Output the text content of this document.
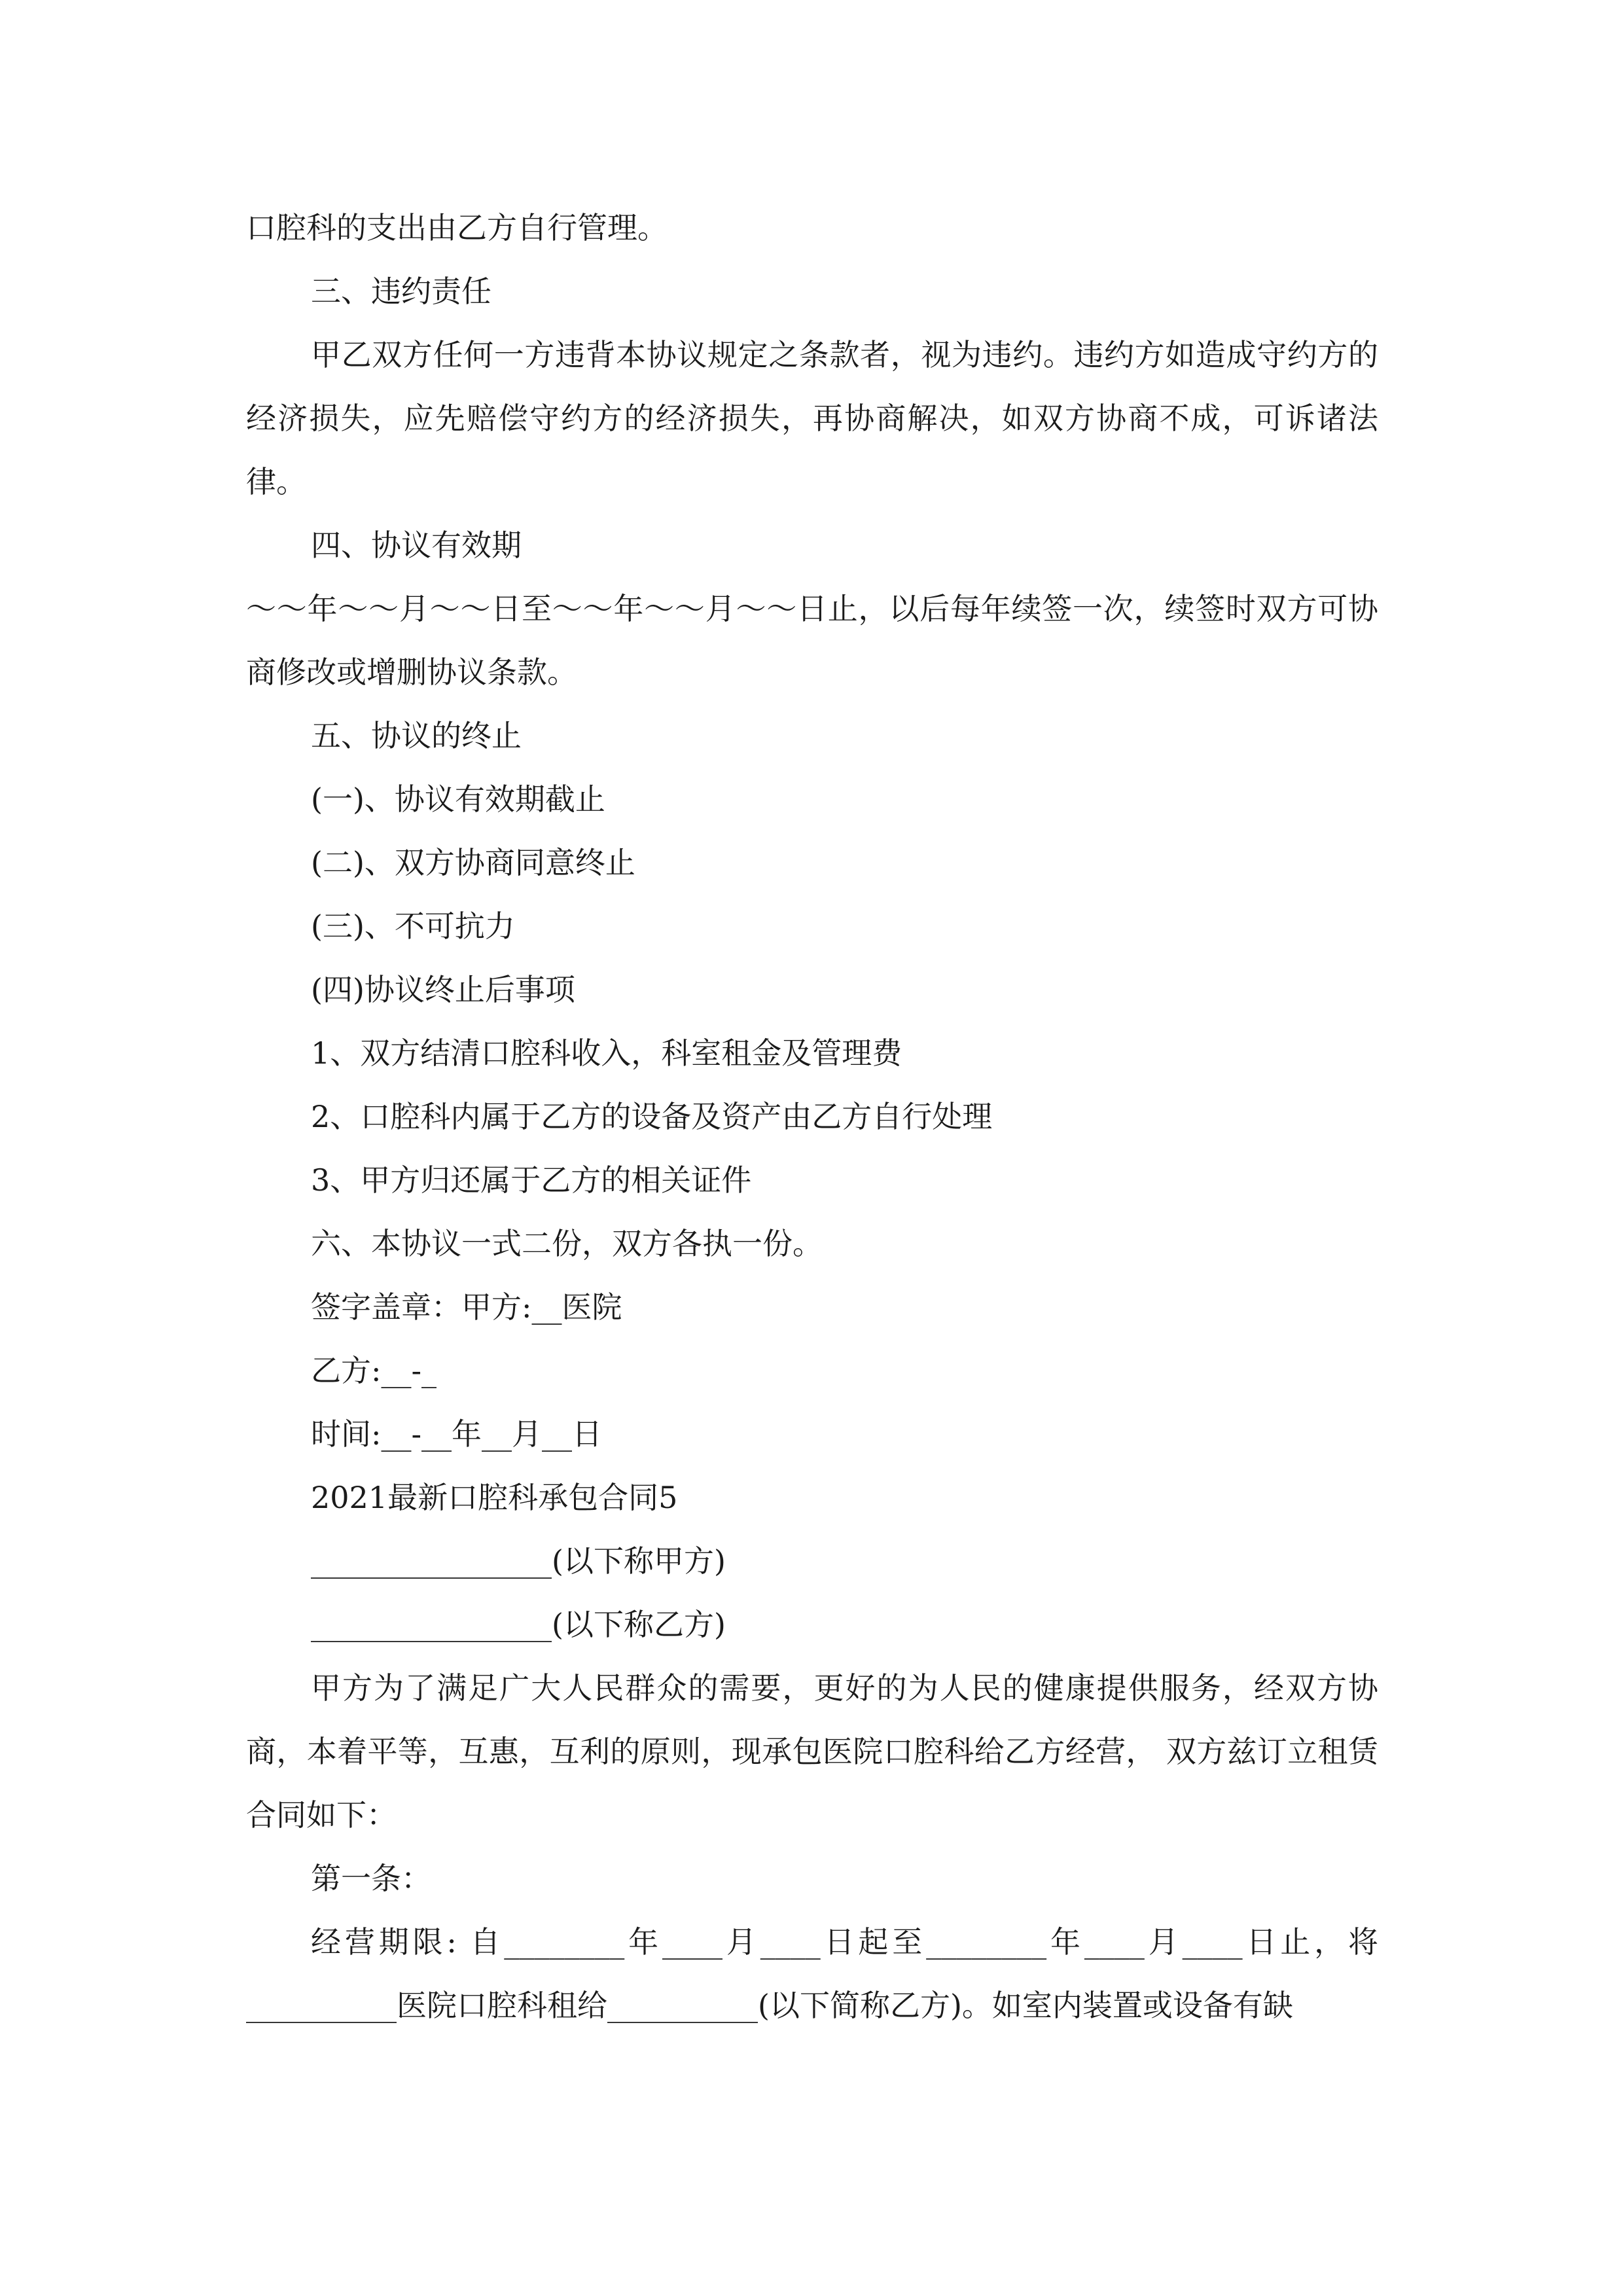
口腔科的支出由乙方自行管理。

三、违约责任

甲乙双方任何一方违背本协议规定之条款者，视为违约。违约方如造成守约方的经济损失，应先赔偿守约方的经济损失，再协商解决，如双方协商不成，可诉诸法律。

四、协议有效期

～～年～～月～～日至～～年～～月～～日止，以后每年续签一次，续签时双方可协商修改或增删协议条款。

五、协议的终止

(一)、协议有效期截止

(二)、双方协商同意终止

(三)、不可抗力

(四)协议终止后事项

1、双方结清口腔科收入，科室租金及管理费

2、口腔科内属于乙方的设备及资产由乙方自行处理

3、甲方归还属于乙方的相关证件

六、本协议一式二份，双方各执一份。

签字盖章：甲方:__医院

乙方:__-_

时间:__-__年__月__日

2021最新口腔科承包合同5

________________(以下称甲方)

________________(以下称乙方)

甲方为了满足广大人民群众的需要，更好的为人民的健康提供服务，经双方协商，本着平等，互惠，互利的原则，现承包医院口腔科给乙方经营， 双方兹订立租赁合同如下：

第一条：

经营期限: 自________年____月____日起至________年____月____日止，将__________医院口腔科租给__________(以下简称乙方)。如室内装置或设备有缺
